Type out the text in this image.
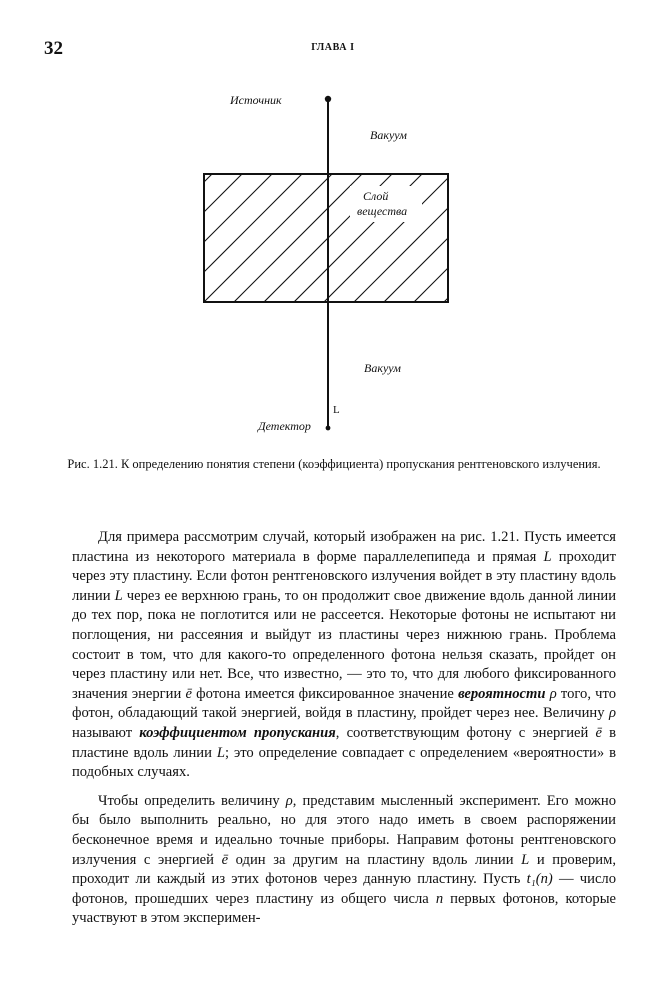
32	ГЛАВА I
Источник
Вакуум
Слой
вещества
Вакуум
L
Детектор
Рис. 1.21. К определению понятия степени (коэффициента) пропускания рентгеновского излучения.

Для примера рассмотрим случай, который изображен на рис. 1.21. Пусть имеется пластина из некоторого материала в форме параллелепипеда и прямая L проходит через эту пластину. Если фотон рентгеновского излучения войдет в эту пластину вдоль линии L через ее верхнюю грань, то он продолжит свое движение вдоль данной линии до тех пор, пока не поглотится или не рассеется. Некоторые фотоны не испытают ни поглощения, ни рассеяния и выйдут из пластины через нижнюю грань. Проблема состоит в том, что для какого-то определенного фотона нельзя сказать, пройдет он через пластину или нет. Все, что известно, — это то, что для любого фиксированного значения энергии ē фотона имеется фиксированное значение вероятности ρ того, что фотон, обладающий такой энергией, войдя в пластину, пройдет через нее. Величину ρ называют коэффициентом пропускания, соответствующим фотону с энергией ē в пластине вдоль линии L; это определение совпадает с определением «вероятности» в подобных случаях.

Чтобы определить величину ρ, представим мысленный эксперимент. Его можно бы было выполнить реально, но для этого надо иметь в своем распоряжении бесконечное время и идеально точные приборы. Направим фотоны рентгеновского излучения с энергией ē один за другим на пластину вдоль линии L и проверим, проходит ли каждый из этих фотонов через данную пластину. Пусть t₁(n) — число фотонов, прошедших через пластину из общего числа n первых фотонов, которые участвуют в этом эксперимен-
